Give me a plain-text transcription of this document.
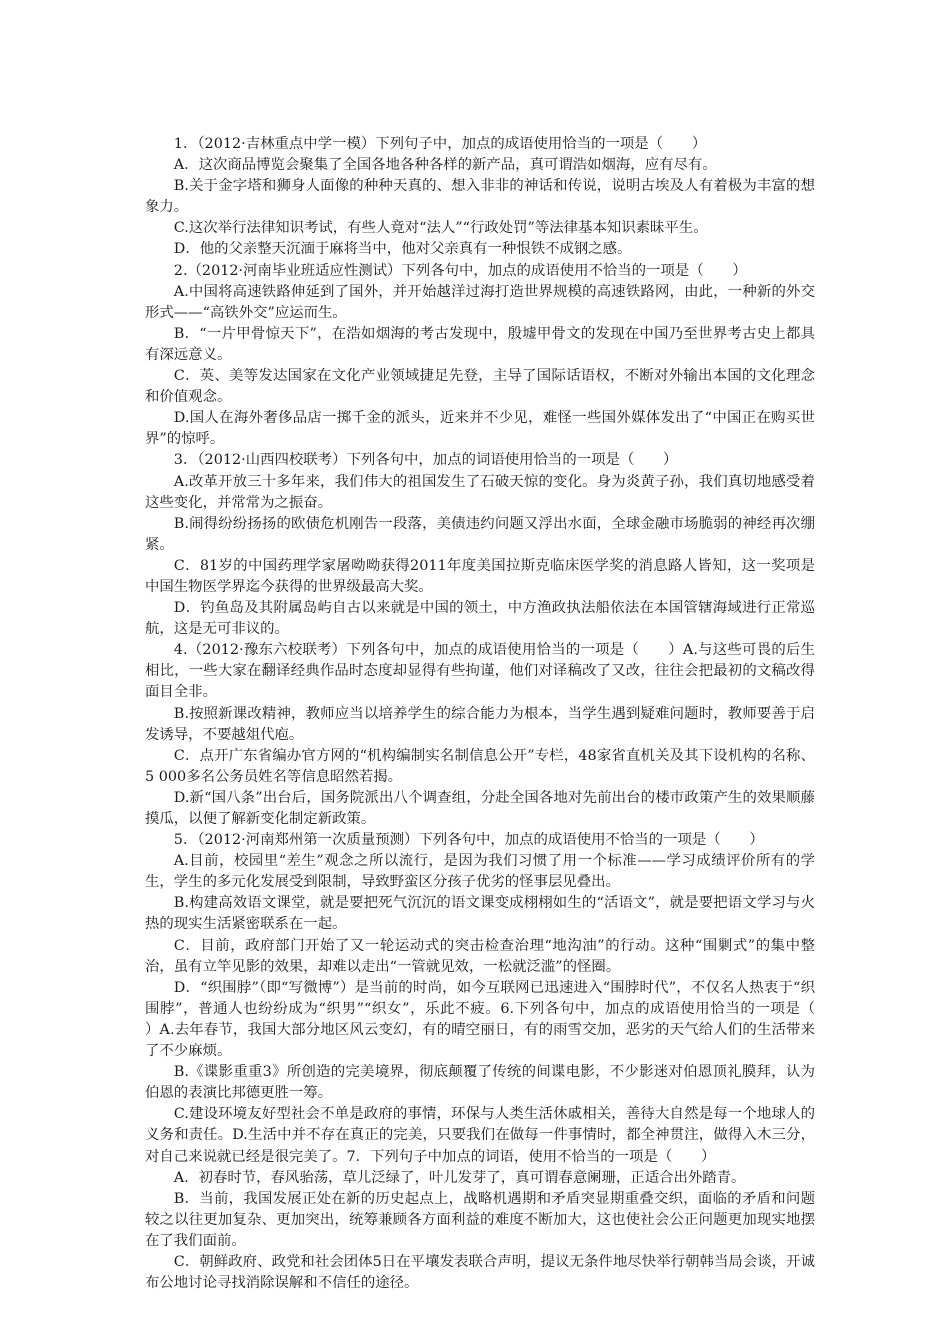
1．（2012·吉林重点中学一模）下列句子中，加点的成语使用恰当的一项是（　　）

A．这次商品博览会聚集了全国各地各种各样的新产品，真可谓浩如烟海，应有尽有。

B.关于金字塔和狮身人面像的种种天真的、想入非非的神话和传说，说明古埃及人有着极为丰富的想象力。

C.这次举行法律知识考试，有些人竟对“法人”“行政处罚”等法律基本知识素昧平生。

D．他的父亲整天沉湎于麻将当中，他对父亲真有一种恨铁不成钢之感。

2.（2012·河南毕业班适应性测试）下列各句中，加点的成语使用不恰当的一项是（　　）

A.中国将高速铁路伸延到了国外，并开始越洋过海打造世界规模的高速铁路网，由此，一种新的外交形式——“高铁外交”应运而生。

B．“一片甲骨惊天下”，在浩如烟海的考古发现中，殷墟甲骨文的发现在中国乃至世界考古史上都具有深远意义。

C．英、美等发达国家在文化产业领域捷足先登，主导了国际话语权，不断对外输出本国的文化理念和价值观念。

D.国人在海外奢侈品店一掷千金的派头，近来并不少见，难怪一些国外媒体发出了“中国正在购买世界”的惊呼。

3．（2012·山西四校联考）下列各句中，加点的词语使用恰当的一项是（　　）

A.改革开放三十多年来，我们伟大的祖国发生了石破天惊的变化。身为炎黄子孙，我们真切地感受着这些变化，并常常为之振奋。

B.闹得纷纷扬扬的欧债危机刚告一段落，美债违约问题又浮出水面，全球金融市场脆弱的神经再次绷紧。

C．81岁的中国药理学家屠呦呦获得2011年度美国拉斯克临床医学奖的消息路人皆知，这一奖项是中国生物医学界迄今获得的世界级最高大奖。

D．钓鱼岛及其附属岛屿自古以来就是中国的领土，中方渔政执法船依法在本国管辖海域进行正常巡航，这是无可非议的。

4.（2012·豫东六校联考）下列各句中，加点的成语使用恰当的一项是（　　）A.与这些可畏的后生相比，一些大家在翻译经典作品时态度却显得有些拘谨，他们对译稿改了又改，往往会把最初的文稿改得面目全非。

B.按照新课改精神，教师应当以培养学生的综合能力为根本，当学生遇到疑难问题时，教师要善于启发诱导，不要越俎代庖。

C．点开广东省编办官方网的“机构编制实名制信息公开”专栏，48家省直机关及其下设机构的名称、5 000多名公务员姓名等信息昭然若揭。

D.新“国八条”出台后，国务院派出八个调查组，分赴全国各地对先前出台的楼市政策产生的效果顺藤摸瓜，以便了解新变化制定新政策。

5．（2012·河南郑州第一次质量预测）下列各句中，加点的成语使用不恰当的一项是（　　）

A.目前，校园里“差生”观念之所以流行，是因为我们习惯了用一个标准——学习成绩评价所有的学生，学生的多元化发展受到限制，导致野蛮区分孩子优劣的怪事层见叠出。

B.构建高效语文课堂，就是要把死气沉沉的语文课变成栩栩如生的“活语文”，就是要把语文学习与火热的现实生活紧密联系在一起。

C．目前，政府部门开始了又一轮运动式的突击检查治理“地沟油”的行动。这种“围剿式”的集中整治，虽有立竿见影的效果，却难以走出“一管就见效，一松就泛滥”的怪圈。

D．“织围脖”（即“写微博”）是当前的时尚，如今互联网已迅速进入“围脖时代”，不仅名人热衷于“织围脖”，普通人也纷纷成为“织男”“织女”，乐此不疲。6.下列各句中，加点的成语使用恰当的一项是（　　）A.去年春节，我国大部分地区风云变幻，有的晴空丽日，有的雨雪交加，恶劣的天气给人们的生活带来了不少麻烦。

B.《谍影重重3》所创造的完美境界，彻底颠覆了传统的间谍电影，不少影迷对伯恩顶礼膜拜，认为伯恩的表演比邦德更胜一筹。

C.建设环境友好型社会不单是政府的事情，环保与人类生活休戚相关，善待大自然是每一个地球人的义务和责任。D.生活中并不存在真正的完美，只要我们在做每一件事情时，都全神贯注，做得入木三分，对自己来说就已经是很完美了。7．下列句子中加点的词语，使用不恰当的一项是（　　）

A．初春时节，春风骀荡，草儿泛绿了，叶儿发芽了，真可谓春意阑珊，正适合出外踏青。

B．当前，我国发展正处在新的历史起点上，战略机遇期和矛盾突显期重叠交织，面临的矛盾和问题较之以往更加复杂、更加突出，统筹兼顾各方面利益的难度不断加大，这也使社会公正问题更加现实地摆在了我们面前。

C．朝鲜政府、政党和社会团体5日在平壤发表联合声明，提议无条件地尽快举行朝韩当局会谈，开诚布公地讨论寻找消除误解和不信任的途径。
